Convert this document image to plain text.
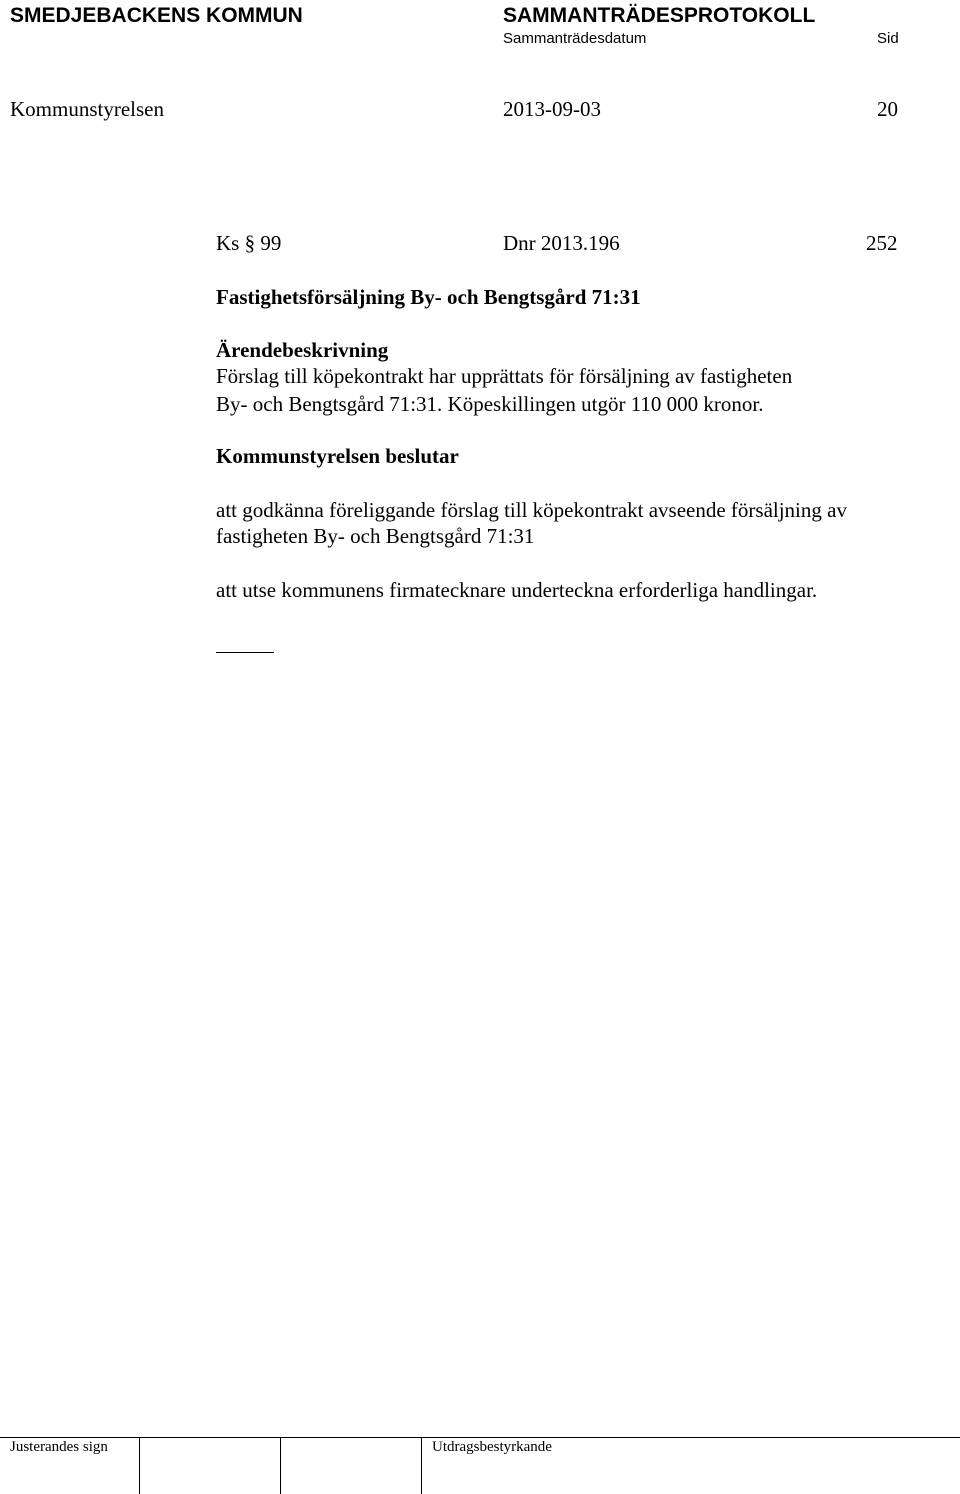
SMEDJEBACKENS KOMMUN	SAMMANTRÄDESPROTOKOLL
Sammanträdesdatum	Sid
Kommunstyrelsen	2013-09-03	20
Ks § 99	Dnr 2013.196	252
Fastighetsförsäljning By- och Bengtsgård 71:31
Ärendebeskrivning
Förslag till köpekontrakt har upprättats för försäljning av fastigheten
By- och Bengtsgård 71:31. Köpeskillingen utgör 110 000 kronor.
Kommunstyrelsen beslutar
att godkänna föreliggande förslag till köpekontrakt avseende försäljning av
fastigheten By- och Bengtsgård 71:31
att utse kommunens firmatecknare underteckna erforderliga handlingar.
Justerandes sign	Utdragsbestyrkande
